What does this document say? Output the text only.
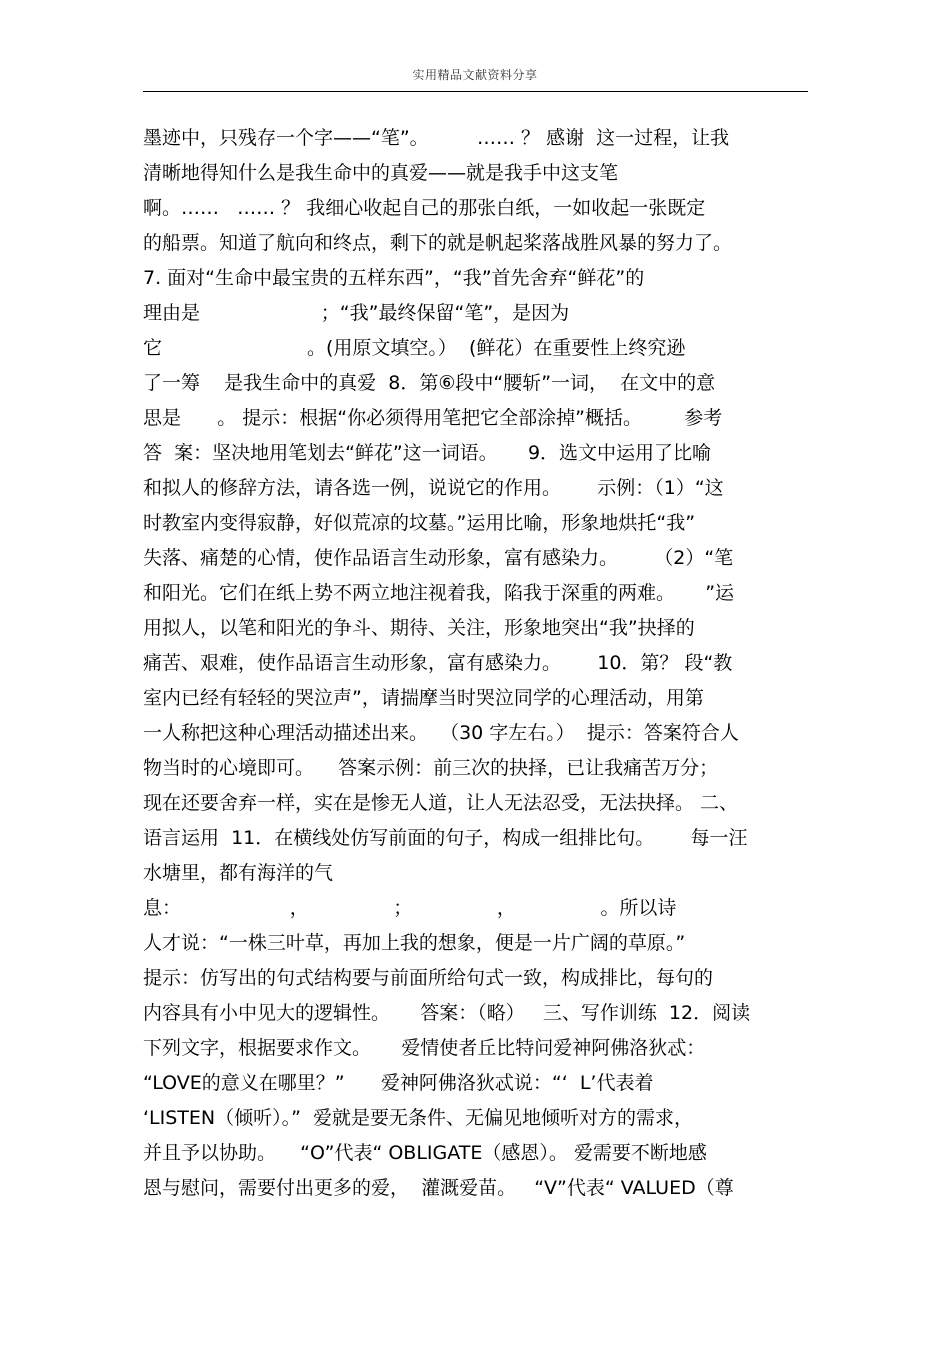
实用精品文献资料分享
墨迹中，只残存一个字——“笔”。        …… ？ 感谢  这一过程，让我
清晰地得知什么是我生命中的真爱——就是我手中这支笔
啊。……   …… ？ 我细心收起自己的那张白纸，一如收起一张既定
的船票。知道了航向和终点，剩下的就是帆起桨落战胜风暴的努力了。
7. 面对“生命中最宝贵的五样东西”，“我”首先舍弃“鲜花”的
理由是                    ；“我”最终保留“笔”，是因为
它                        。(用原文填空。）  (鲜花）在重要性上终究逊
了一筹    是我生命中的真爱  8．第⑥段中“腰斩”一词，  在文中的意
思是      。 提示：根据“你必须得用笔把它全部涂掉”概括。       参考
答  案：坚决地用笔划去“鲜花”这一词语。     9．选文中运用了比喻
和拟人的修辞方法，请各选一例，说说它的作用。      示例：（1）“这
时教室内变得寂静，好似荒凉的坟墓。”运用比喻，形象地烘托“我”
失落、痛楚的心情，使作品语言生动形象，富有感染力。      （2）“笔
和阳光。它们在纸上势不两立地注视着我，陷我于深重的两难。     ”运
用拟人，以笔和阳光的争斗、期待、关注，形象地突出“我”抉择的
痛苦、艰难，使作品语言生动形象，富有感染力。      10．第？ 段“教
室内已经有轻轻的哭泣声”，请揣摩当时哭泣同学的心理活动，用第
一人称把这种心理活动描述出来。  （30 字左右。）  提示：答案符合人
物当时的心境即可。    答案示例：前三次的抉择，已让我痛苦万分；
现在还要舍弃一样，实在是惨无人道，让人无法忍受，无法抉择。 二、
语言运用  11．在横线处仿写前面的句子，构成一组排比句。      每一汪
水塘里，都有海洋的气
息：                  ，              ；              ，              。所以诗
人才说：“一株三叶草，再加上我的想象，便是一片广阔的草原。”
提示：仿写出的句式结构要与前面所给句式一致，构成排比，每句的
内容具有小中见大的逻辑性。     答案：（略）   三、写作训练  12．阅读
下列文字，根据要求作文。     爱情使者丘比特问爱神阿佛洛狄忒：
“LOVE的意义在哪里？”      爱神阿佛洛狄忒说：“‘  L’代表着
‘LISTEN（倾听）。”  爱就是要无条件、无偏见地倾听对方的需求，
并且予以协助。    “O”代表“ OBLIGATE（感恩）。 爱需要不断地感
恩与慰问，需要付出更多的爱，  灌溉爱苗。   “V”代表“ VALUED（尊
